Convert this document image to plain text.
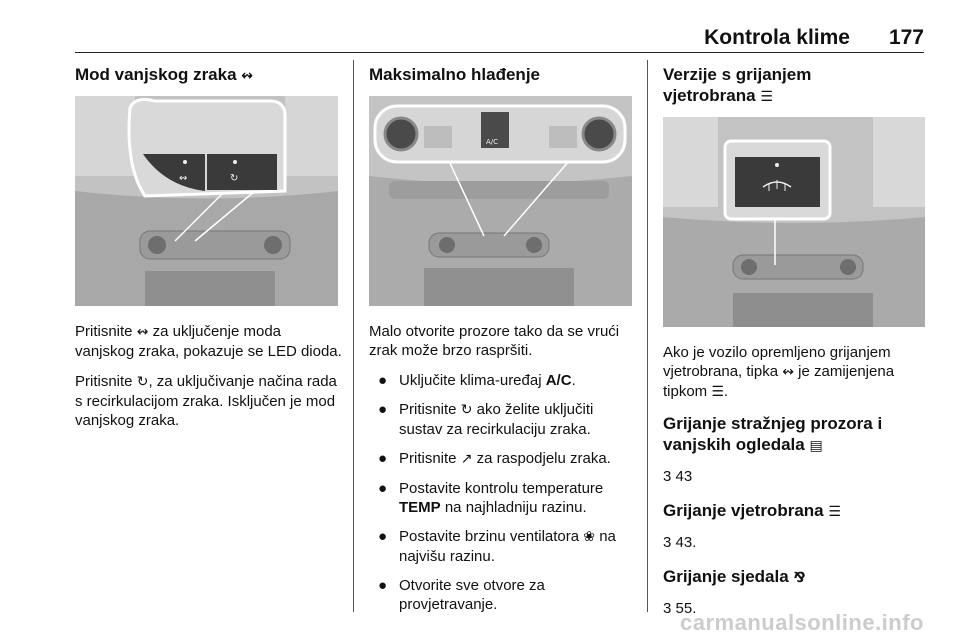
Kontrola klime 177

Mod vanjskog zraka ↭

↭	↻

Pritisnite ↭ za uključenje moda vanjskog zraka, pokazuje se LED dioda.

Pritisnite ↻, za uključivanje načina rada s recirkulacijom zraka. Isključen je mod vanjskog zraka.

Maksimalno hlađenje

A/C

Malo otvorite prozore tako da se vrući zrak može brzo raspršiti.

● Uključite klima-uređaj A/C.
● Pritisnite ↻ ako želite uključiti sustav za recirkulaciju zraka.
● Pritisnite ↗ za raspodjelu zraka.
● Postavite kontrolu temperature TEMP na najhladniju razinu.
● Postavite brzinu ventilatora ❀ na najvišu razinu.
● Otvorite sve otvore za provjetravanje.

Verzije s grijanjem
vjetrobrana ☰

Ako je vozilo opremljeno grijanjem vjetrobrana, tipka ↭ je zamijenjena tipkom ☰.

Grijanje stražnjeg prozora i
vanjskih ogledala ▤

3 43

Grijanje vjetrobrana ☰

3 43.

Grijanje sjedala ⅋

3 55.

carmanualsonline.info
